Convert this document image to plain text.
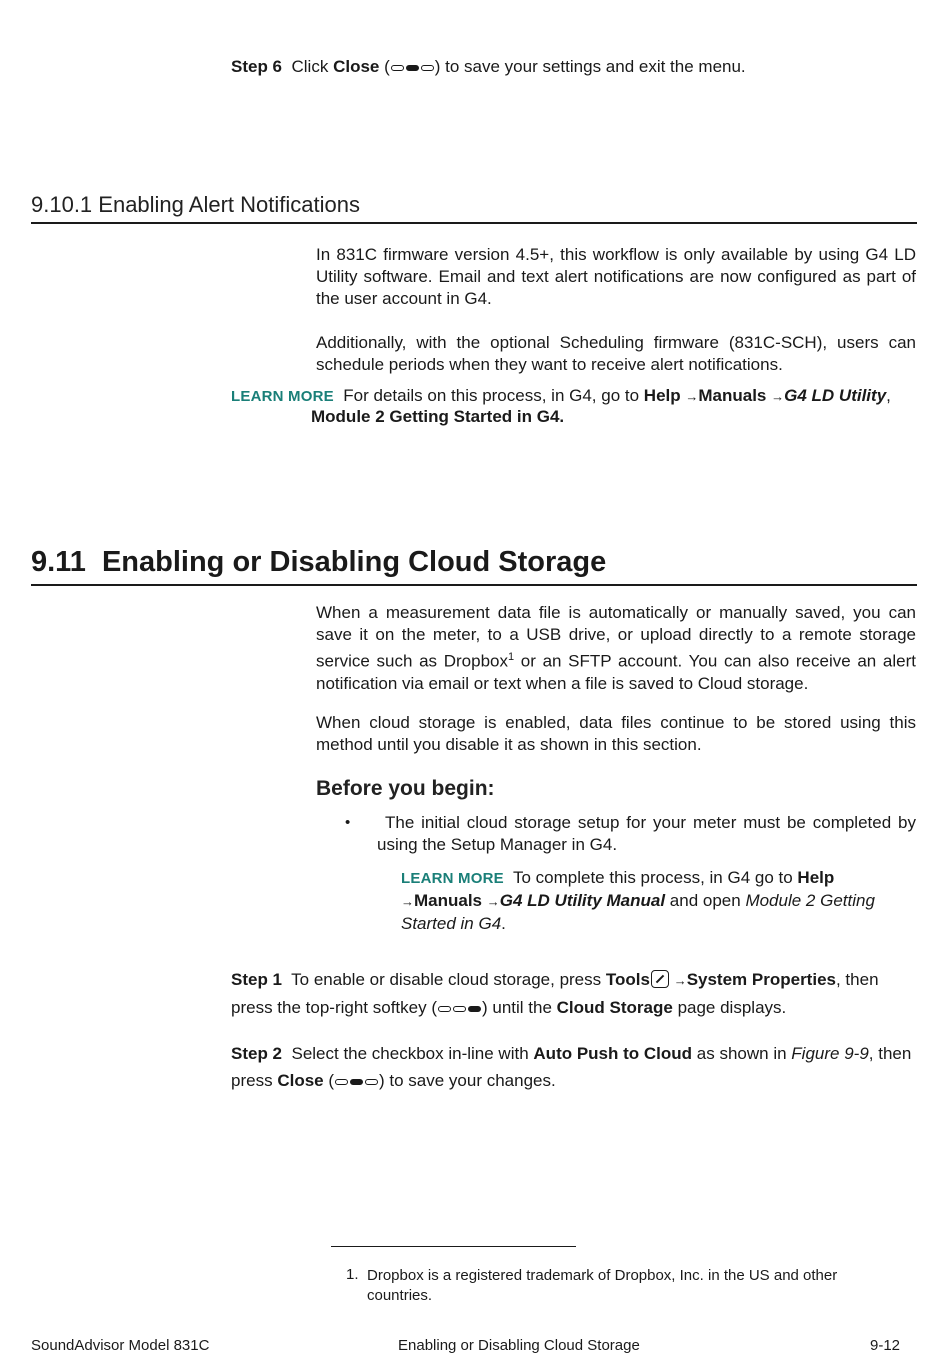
Step 6 Click Close (	) to save your settings and exit the menu.
9.10.1 Enabling Alert Notifications
In 831C firmware version 4.5+, this workflow is only available by using G4 LD Utility software. Email and text alert notifications are now configured as part of the user account in G4.
Additionally, with the optional Scheduling firmware (831C-SCH), users can schedule periods when they want to receive alert notifications.
LEARN MORE For details on this process, in G4, go to Help →Manuals →G4 LD Utility,
Module 2 Getting Started in G4.
9.11  Enabling or Disabling Cloud Storage
When a measurement data file is automatically or manually saved, you can save it on the meter, to a USB drive, or upload directly to a remote storage service such as Dropbox$^1$ or an SFTP account. You can also receive an alert notification via email or text when a file is saved to Cloud storage.
When cloud storage is enabled, data files continue to be stored using this method until you disable it as shown in this section.
Before you begin:
•	The initial cloud storage setup for your meter must be completed by using the Setup Manager in G4.
LEARN MORE To complete this process, in G4 go to Help
→Manuals →G4 LD Utility Manual and open Module 2 Getting Started in G4.
Step 1 To enable or disable cloud storage, press Tools →System Properties, then press the top-right softkey (	) until the Cloud Storage page displays.
Step 2 Select the checkbox in-line with Auto Push to Cloud as shown in Figure 9-9, then press Close (	) to save your changes.
1. Dropbox is a registered trademark of Dropbox, Inc. in the US and other countries.
SoundAdvisor Model 831C	Enabling or Disabling Cloud Storage	9-12
